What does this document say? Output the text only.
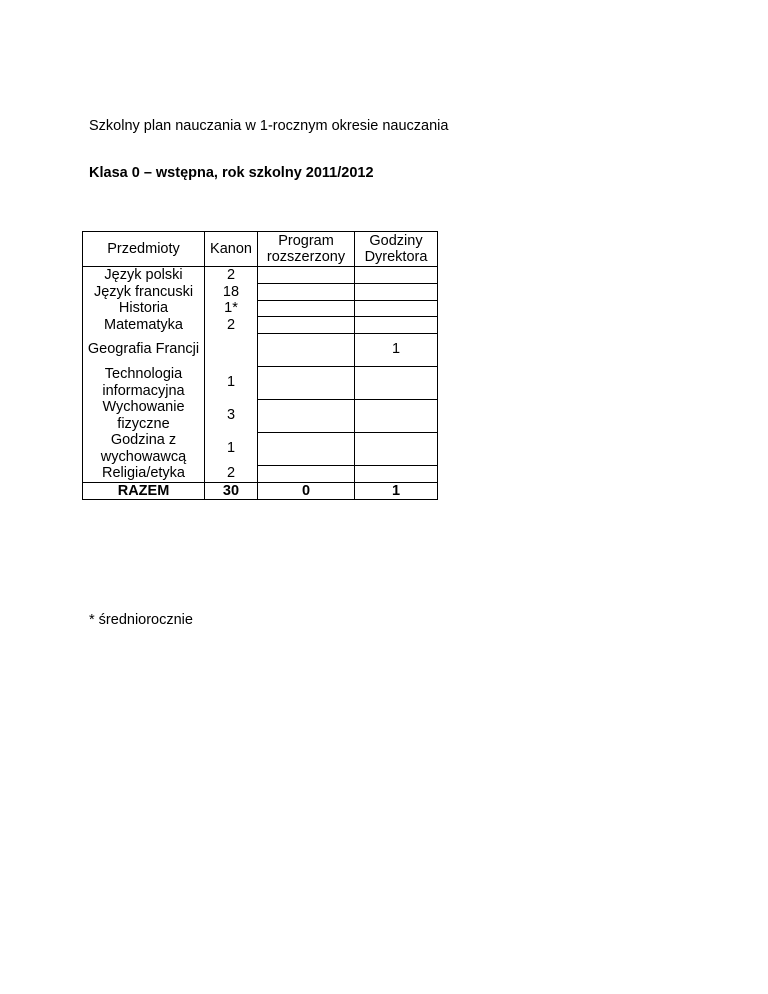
Szkolny plan nauczania w 1-rocznym okresie nauczania
Klasa 0 – wstępna, rok szkolny 2011/2012
Przedmioty	Kanon	Program rozszerzony	Godziny Dyrektora
Język polski	2		
Język francuski	18		
Historia	1*		
Matematyka	2		
Geografia Francji			1
Technologia informacyjna	1		
Wychowanie fizyczne	3		
Godzina z wychowawcą	1		
Religia/etyka	2		
RAZEM	30	0	1
* średniorocznie
